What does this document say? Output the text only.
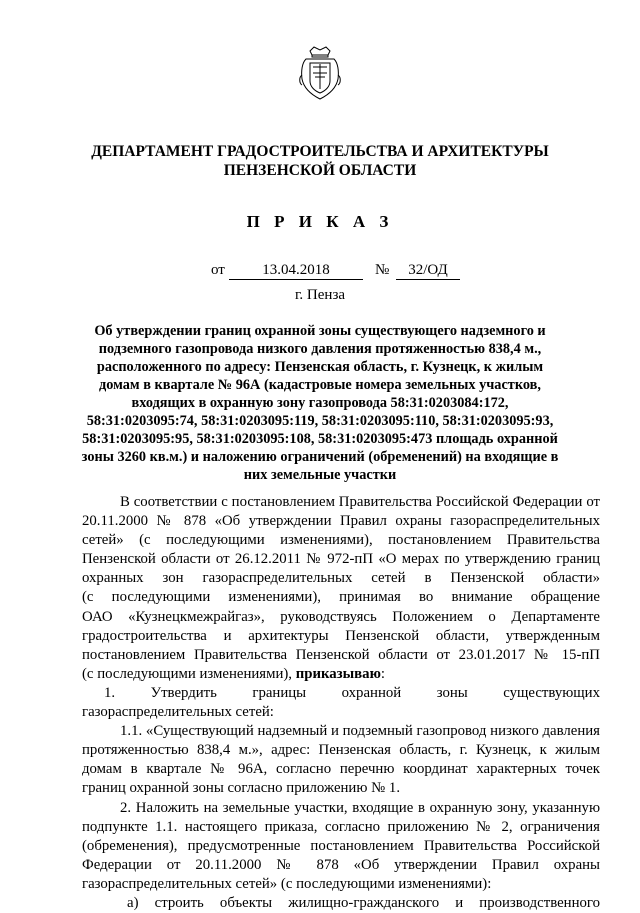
ДЕПАРТАМЕНТ ГРАДОСТРОИТЕЛЬСТВА И АРХИТЕКТУРЫ
ПЕНЗЕНСКОЙ ОБЛАСТИ
П Р И К А З
от	13.04.2018	№	32/ОД
г. Пенза
Об утверждении границ охранной зоны существующего надземного и
подземного газопровода низкого давления протяженностью 838,4 м.,
расположенного по адресу: Пензенская область, г. Кузнецк, к жилым
домам в квартале № 96А (кадастровые номера земельных участков,
входящих в охранную зону газопровода 58:31:0203084:172,
58:31:0203095:74, 58:31:0203095:119, 58:31:0203095:110, 58:31:0203095:93,
58:31:0203095:95, 58:31:0203095:108, 58:31:0203095:473 площадь охранной
зоны 3260 кв.м.) и наложению ограничений (обременений) на входящие в
них земельные участки
В соответствии с постановлением Правительства Российской Федерации от
20.11.2000 № 878 «Об утверждении Правил охраны газораспределительных
сетей» (с последующими изменениями), постановлением Правительства
Пензенской области от 26.12.2011 № 972-пП «О мерах по утверждению границ
охранных зон газораспределительных сетей в Пензенской области»
(с последующими изменениями), принимая во внимание обращение
ОАО «Кузнецкмежрайгаз», руководствуясь Положением о Департаменте
градостроительства и архитектуры Пензенской области, утвержденным
постановлением Правительства Пензенской области от 23.01.2017 № 15-пП
(с последующими изменениями), приказываю:
1. Утвердить границы охранной зоны существующих
газораспределительных сетей:
1.1. «Существующий надземный и подземный газопровод низкого давления
протяженностью 838,4 м.», адрес: Пензенская область, г. Кузнецк, к жилым
домам в квартале № 96А, согласно перечню координат характерных точек
границ охранной зоны согласно приложению № 1.
2. Наложить на земельные участки, входящие в охранную зону, указанную
подпункте 1.1. настоящего приказа, согласно приложению № 2, ограничения
(обременения), предусмотренные постановлением Правительства Российской
Федерации от 20.11.2000 № 878 «Об утверждении Правил охраны
газораспределительных сетей» (с последующими изменениями):
а) строить объекты жилищно-гражданского и производственного
